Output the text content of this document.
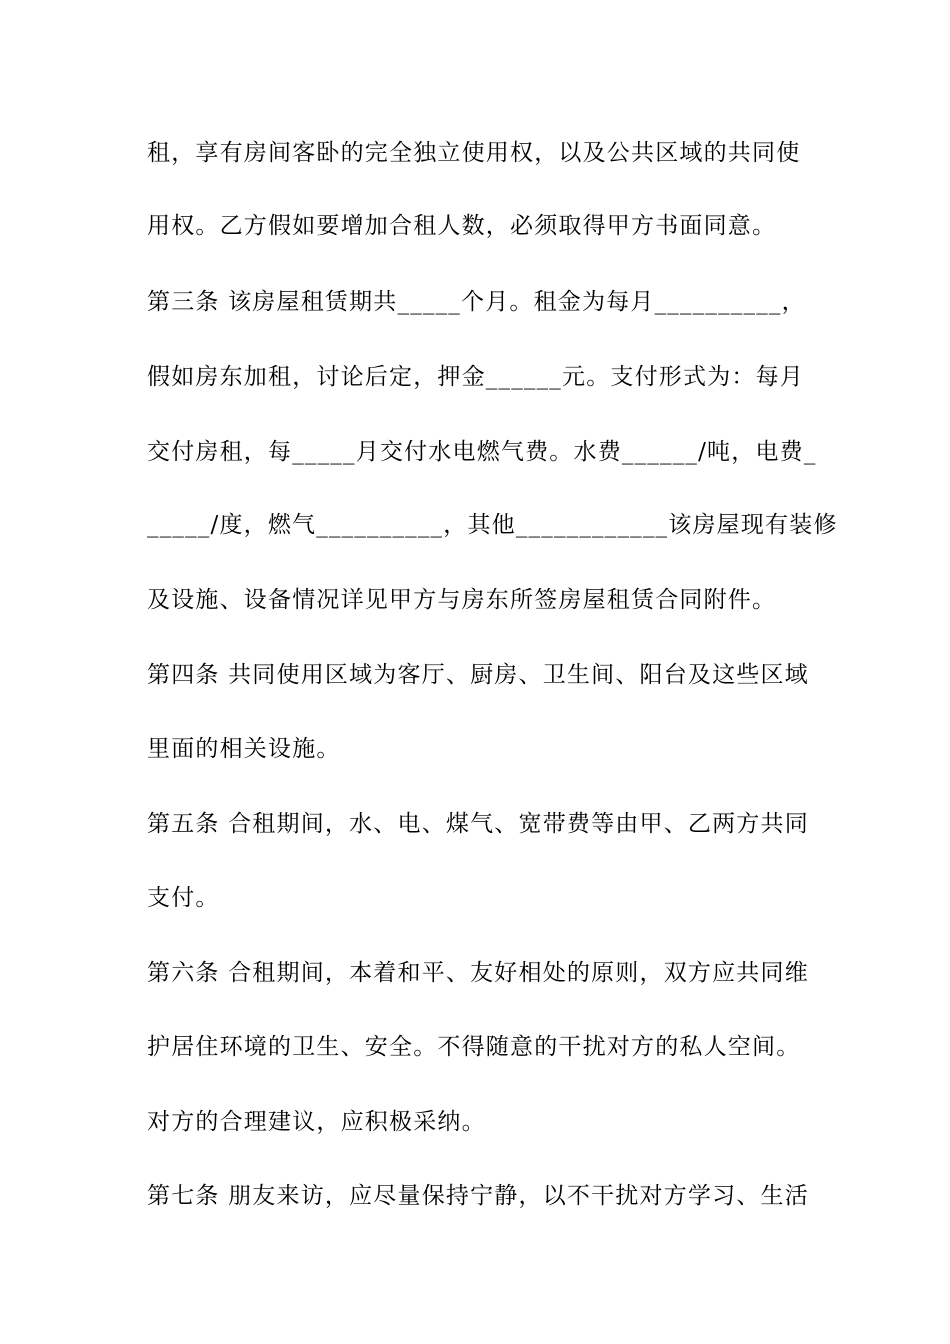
租，享有房间客卧的完全独立使用权，以及公共区域的共同使
用权。乙方假如要增加合租人数，必须取得甲方书面同意。
第三条 该房屋租赁期共_____个月。租金为每月__________，
假如房东加租，讨论后定，押金______元。支付形式为：每月
交付房租，每_____月交付水电燃气费。水费______/吨，电费_
_____/度，燃气__________，其他____________该房屋现有装修
及设施、设备情况详见甲方与房东所签房屋租赁合同附件。
第四条 共同使用区域为客厅、厨房、卫生间、阳台及这些区域
里面的相关设施。
第五条 合租期间，水、电、煤气、宽带费等由甲、乙两方共同
支付。
第六条 合租期间，本着和平、友好相处的原则，双方应共同维
护居住环境的卫生、安全。不得随意的干扰对方的私人空间。
对方的合理建议，应积极采纳。
第七条 朋友来访，应尽量保持宁静，以不干扰对方学习、生活
